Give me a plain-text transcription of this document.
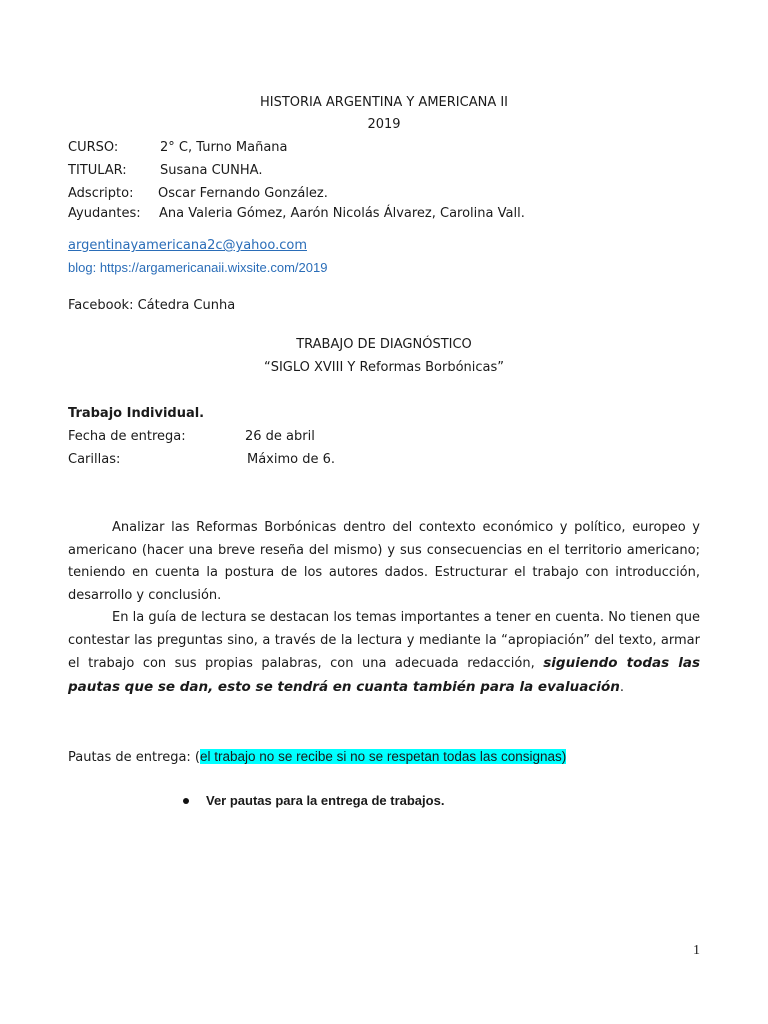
HISTORIA ARGENTINA Y AMERICANA II
2019
CURSO:	2° C, Turno Mañana
TITULAR:	Susana CUNHA.
Adscripto: Oscar Fernando González.
Ayudantes: Ana Valeria Gómez, Aarón Nicolás Álvarez, Carolina Vall.
argentinayamericana2c@yahoo.com
blog: https://argamericanaii.wixsite.com/2019
Facebook: Cátedra Cunha
TRABAJO DE DIAGNÓSTICO
“SIGLO XVIII Y Reformas Borbónicas”
Trabajo Individual.
Fecha de entrega:	26 de abril
Carillas:	Máximo de 6.
Analizar las Reformas Borbónicas dentro del contexto económico y político, europeo y americano (hacer una breve reseña del mismo) y sus consecuencias en el territorio americano; teniendo en cuenta la postura de los autores dados. Estructurar el trabajo con introducción, desarrollo y conclusión.
En la guía de lectura se destacan los temas importantes a tener en cuenta. No tienen que contestar las preguntas sino, a través de la lectura y mediante la “apropiación” del texto, armar el trabajo con sus propias palabras, con una adecuada redacción, siguiendo todas las pautas que se dan, esto se tendrá en cuanta también para la evaluación.
Pautas de entrega: (el trabajo no se recibe si no se respetan todas las consignas)
Ver pautas para la entrega de trabajos.
1
